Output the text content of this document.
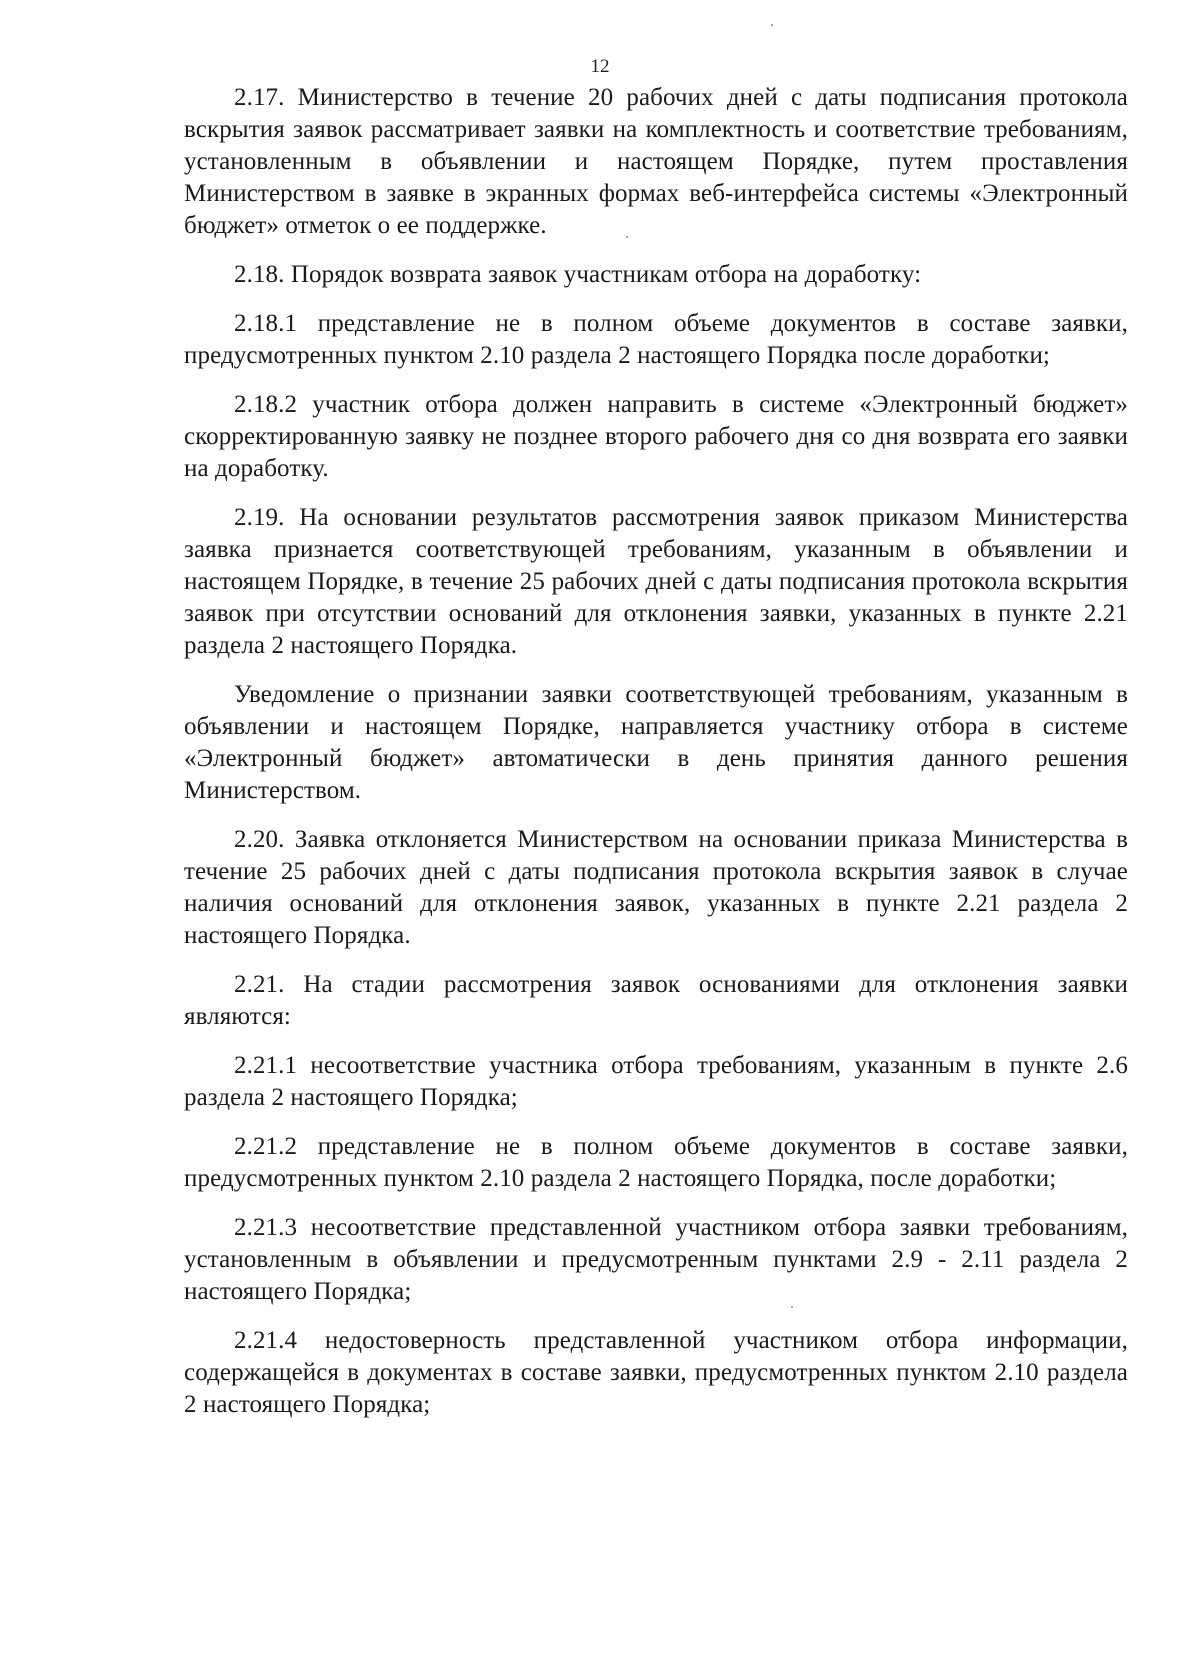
12

2.17. Министерство в течение 20 рабочих дней с даты подписания протокола вскрытия заявок рассматривает заявки на комплектность и соответствие требованиям, установленным в объявлении и настоящем Порядке, путем проставления Министерством в заявке в экранных формах веб-интерфейса системы «Электронный бюджет» отметок о ее поддержке.

2.18. Порядок возврата заявок участникам отбора на доработку:

2.18.1 представление не в полном объеме документов в составе заявки, предусмотренных пунктом 2.10 раздела 2 настоящего Порядка после доработки;

2.18.2 участник отбора должен направить в системе «Электронный бюджет» скорректированную заявку не позднее второго рабочего дня со дня возврата его заявки на доработку.

2.19. На основании результатов рассмотрения заявок приказом Министерства заявка признается соответствующей требованиям, указанным в объявлении и настоящем Порядке, в течение 25 рабочих дней с даты подписания протокола вскрытия заявок при отсутствии оснований для отклонения заявки, указанных в пункте 2.21 раздела 2 настоящего Порядка.

Уведомление о признании заявки соответствующей требованиям, указанным в объявлении и настоящем Порядке, направляется участнику отбора в системе «Электронный бюджет» автоматически в день принятия данного решения Министерством.

2.20. Заявка отклоняется Министерством на основании приказа Министерства в течение 25 рабочих дней с даты подписания протокола вскрытия заявок в случае наличия оснований для отклонения заявок, указанных в пункте 2.21 раздела 2 настоящего Порядка.

2.21. На стадии рассмотрения заявок основаниями для отклонения заявки являются:

2.21.1 несоответствие участника отбора требованиям, указанным в пункте 2.6 раздела 2 настоящего Порядка;

2.21.2 представление не в полном объеме документов в составе заявки, предусмотренных пунктом 2.10 раздела 2 настоящего Порядка, после доработки;

2.21.3 несоответствие представленной участником отбора заявки требованиям, установленным в объявлении и предусмотренным пунктами 2.9 - 2.11 раздела 2 настоящего Порядка;

2.21.4 недостоверность представленной участником отбора информации, содержащейся в документах в составе заявки, предусмотренных пунктом 2.10 раздела 2 настоящего Порядка;
